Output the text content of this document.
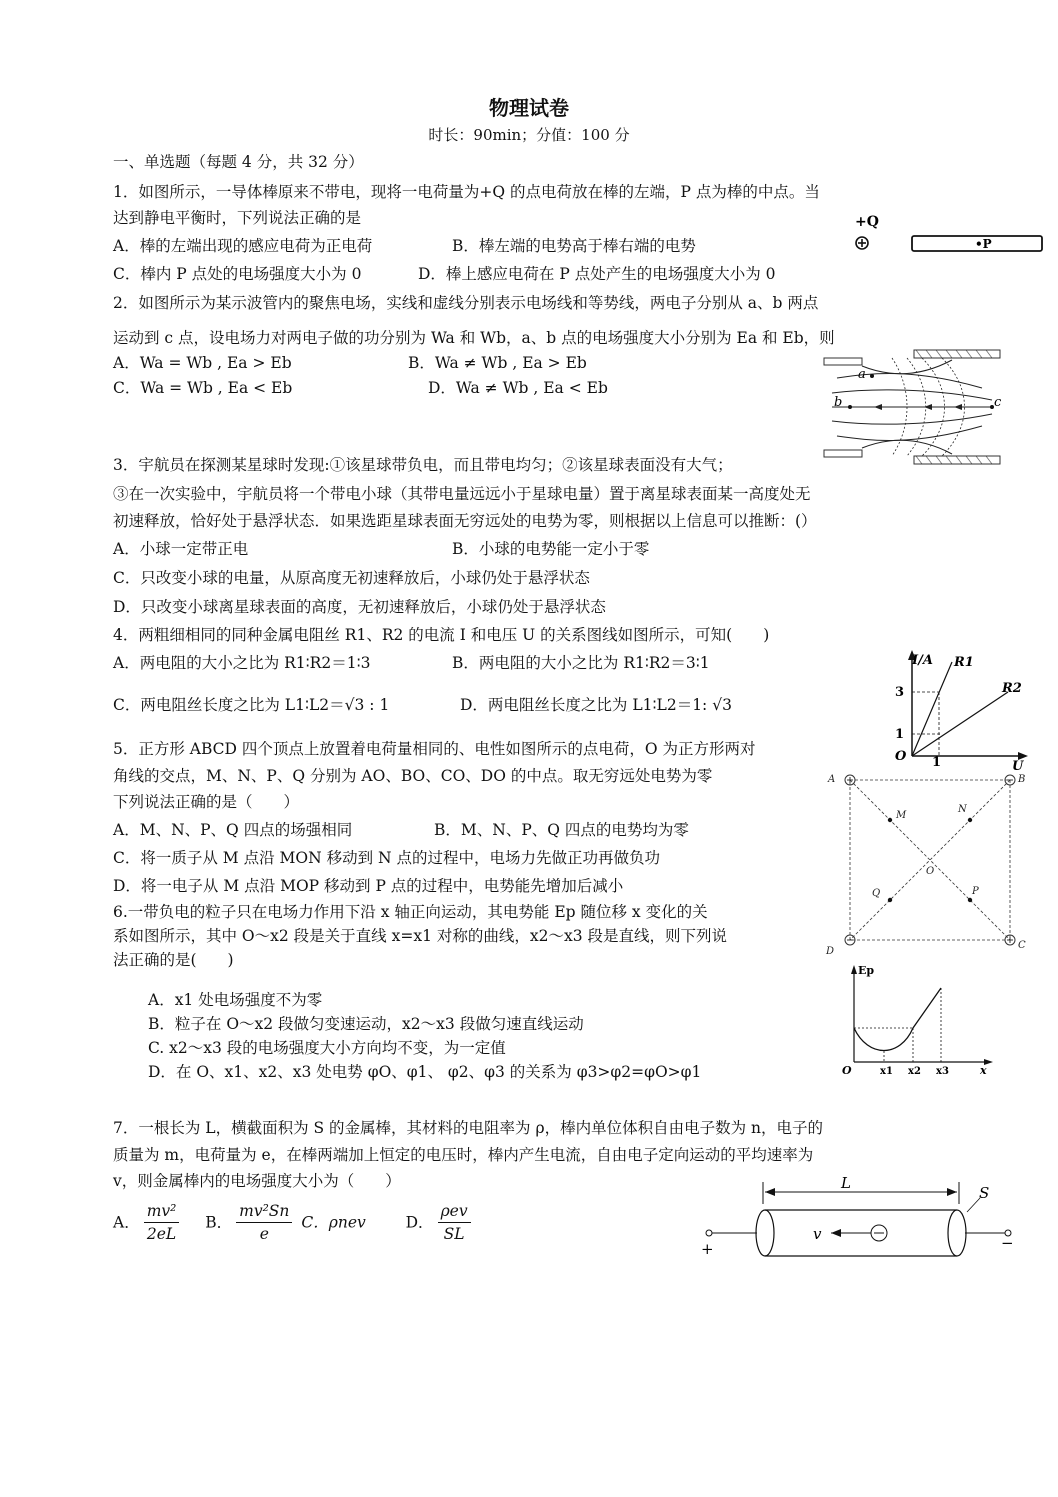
物理试卷
时长：90min；分值：100 分
一、单选题（每题 4 分，共 32 分）
1．如图所示，一导体棒原来不带电，现将一电荷量为+Q 的点电荷放在棒的左端，P 点为棒的中点。当
达到静电平衡时，下列说法正确的是
A．棒的左端出现的感应电荷为正电荷	B．棒左端的电势高于棒右端的电势
C．棒内 P 点处的电场强度大小为 0	D．棒上感应电荷在 P 点处产生的电场强度大小为 0
+Q
•P
2．如图所示为某示波管内的聚焦电场，实线和虚线分别表示电场线和等势线，两电子分别从 a、b 两点
运动到 c 点，设电场力对两电子做的功分别为 Wa 和 Wb，a、b 点的电场强度大小分别为 Ea 和 Eb，则
A．Wa = Wb , Ea > Eb	B．Wa ≠ Wb , Ea > Eb
C．Wa = Wb , Ea < Eb	D．Wa ≠ Wb , Ea < Eb
a
b	c
3．宇航员在探测某星球时发现:①该星球带负电，而且带电均匀；②该星球表面没有大气；
③在一次实验中，宇航员将一个带电小球（其带电量远远小于星球电量）置于离星球表面某一高度处无
初速释放，恰好处于悬浮状态．如果选距星球表面无穷远处的电势为零，则根据以上信息可以推断：(）
A．小球一定带正电	B．小球的电势能一定小于零
C．只改变小球的电量，从原高度无初速释放后，小球仍处于悬浮状态
D．只改变小球离星球表面的高度，无初速释放后，小球仍处于悬浮状态
4．两粗细相同的同种金属电阻丝 R1、R2 的电流 I 和电压 U 的关系图线如图所示，可知(　　)
A．两电阻的大小之比为 R1∶R2＝1∶3	B．两电阻的大小之比为 R1∶R2＝3∶1
C．两电阻丝长度之比为 L1∶L2＝√3 : 1	D．两电阻丝长度之比为 L1∶L2＝1: √3
I/A
U
O
3
1
1
R1
R2
5．正方形 ABCD 四个顶点上放置着电荷量相同的、电性如图所示的点电荷，O 为正方形两对
角线的交点，M、N、P、Q 分别为 AO、BO、CO、DO 的中点。取无穷远处电势为零
下列说法正确的是（　　）
A．M、N、P、Q 四点的场强相同	B．M、N、P、Q 四点的电势均为零
C．将一质子从 M 点沿 MON 移动到 N 点的过程中，电场力先做正功再做负功
D．将一电子从 M 点沿 MOP 移动到 P 点的过程中，电势能先增加后减小
A	B
C
D
M
N
P
Q
O
6.一带负电的粒子只在电场力作用下沿 x 轴正向运动，其电势能 Ep 随位移 x 变化的关
系如图所示，其中 O～x2 段是关于直线 x=x1 对称的曲线，x2～x3 段是直线，则下列说
法正确的是(　　)
A．x1 处电场强度不为零
B．粒子在 O～x2 段做匀变速运动，x2～x3 段做匀速直线运动
C. x2～x3 段的电场强度大小方向均不变，为一定值
D．在 O、x1、x2、x3 处电势 φO、φ1、 φ2、φ3 的关系为 φ3>φ2=φO>φ1
Ep
O	x1 x2 x3	x
7．一根长为 L，横截面积为 S 的金属棒，其材料的电阻率为 ρ，棒内单位体积自由电子数为 n，电子的
质量为 m，电荷量为 e，在棒两端加上恒定的电压时，棒内产生电流，自由电子定向运动的平均速率为
v，则金属棒内的电场强度大小为（　　）
A． $\frac{\text{mv²}}{2eL}$ B． $\frac{\text{mv²Sn}}{e}$ C．ρnev	D． $\frac{\text{ρev}}{SL}$
L
S
+	−
v
